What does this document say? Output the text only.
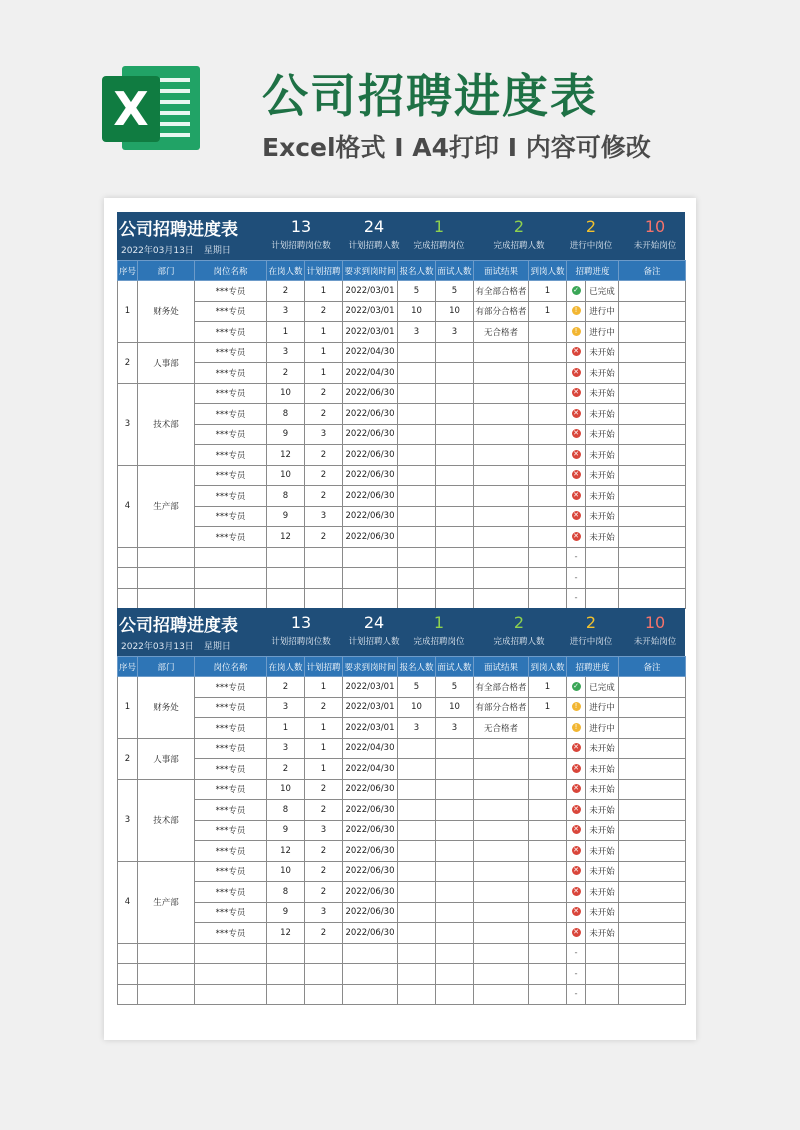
X 公司招聘进度表
Excel格式 I A4打印 I 内容可修改
公司招聘进度表
2022年03月13日 星期日
13
计划招聘岗位数
24
计划招聘人数
1
完成招聘岗位
2
完成招聘人数
2
进行中岗位
10
未开始岗位
序号	部门	岗位名称	在岗人数	计划招聘	要求到岗时间	报名人数	面试人数	面试结果	到岗人数	招聘进度		备注
1	财务处	***专员	2	1	2022/03/01	5	5	有全部合格者	1	✓	已完成	
		***专员	3	2	2022/03/01	10	10	有部分合格者	1	!	进行中	
		***专员	1	1	2022/03/01	3	3	无合格者		!	进行中	
2	人事部	***专员	3	1	2022/04/30					✕	未开始	
		***专员	2	1	2022/04/30					✕	未开始	
3	技术部	***专员	10	2	2022/06/30					✕	未开始	
		***专员	8	2	2022/06/30					✕	未开始	
		***专员	9	3	2022/06/30					✕	未开始	
		***专员	12	2	2022/06/30					✕	未开始	
4	生产部	***专员	10	2	2022/06/30					✕	未开始	
		***专员	8	2	2022/06/30					✕	未开始	
		***专员	9	3	2022/06/30					✕	未开始	
		***专员	12	2	2022/06/30					✕	未开始	
										-		
										-		
										-		
公司招聘进度表
2022年03月13日 星期日
13
计划招聘岗位数
24
计划招聘人数
1
完成招聘岗位
2
完成招聘人数
2
进行中岗位
10
未开始岗位
序号	部门	岗位名称	在岗人数	计划招聘	要求到岗时间	报名人数	面试人数	面试结果	到岗人数	招聘进度		备注
1	财务处	***专员	2	1	2022/03/01	5	5	有全部合格者	1	✓	已完成	
		***专员	3	2	2022/03/01	10	10	有部分合格者	1	!	进行中	
		***专员	1	1	2022/03/01	3	3	无合格者		!	进行中	
2	人事部	***专员	3	1	2022/04/30					✕	未开始	
		***专员	2	1	2022/04/30					✕	未开始	
3	技术部	***专员	10	2	2022/06/30					✕	未开始	
		***专员	8	2	2022/06/30					✕	未开始	
		***专员	9	3	2022/06/30					✕	未开始	
		***专员	12	2	2022/06/30					✕	未开始	
4	生产部	***专员	10	2	2022/06/30					✕	未开始	
		***专员	8	2	2022/06/30					✕	未开始	
		***专员	9	3	2022/06/30					✕	未开始	
		***专员	12	2	2022/06/30					✕	未开始	
										-		
										-		
										-		
